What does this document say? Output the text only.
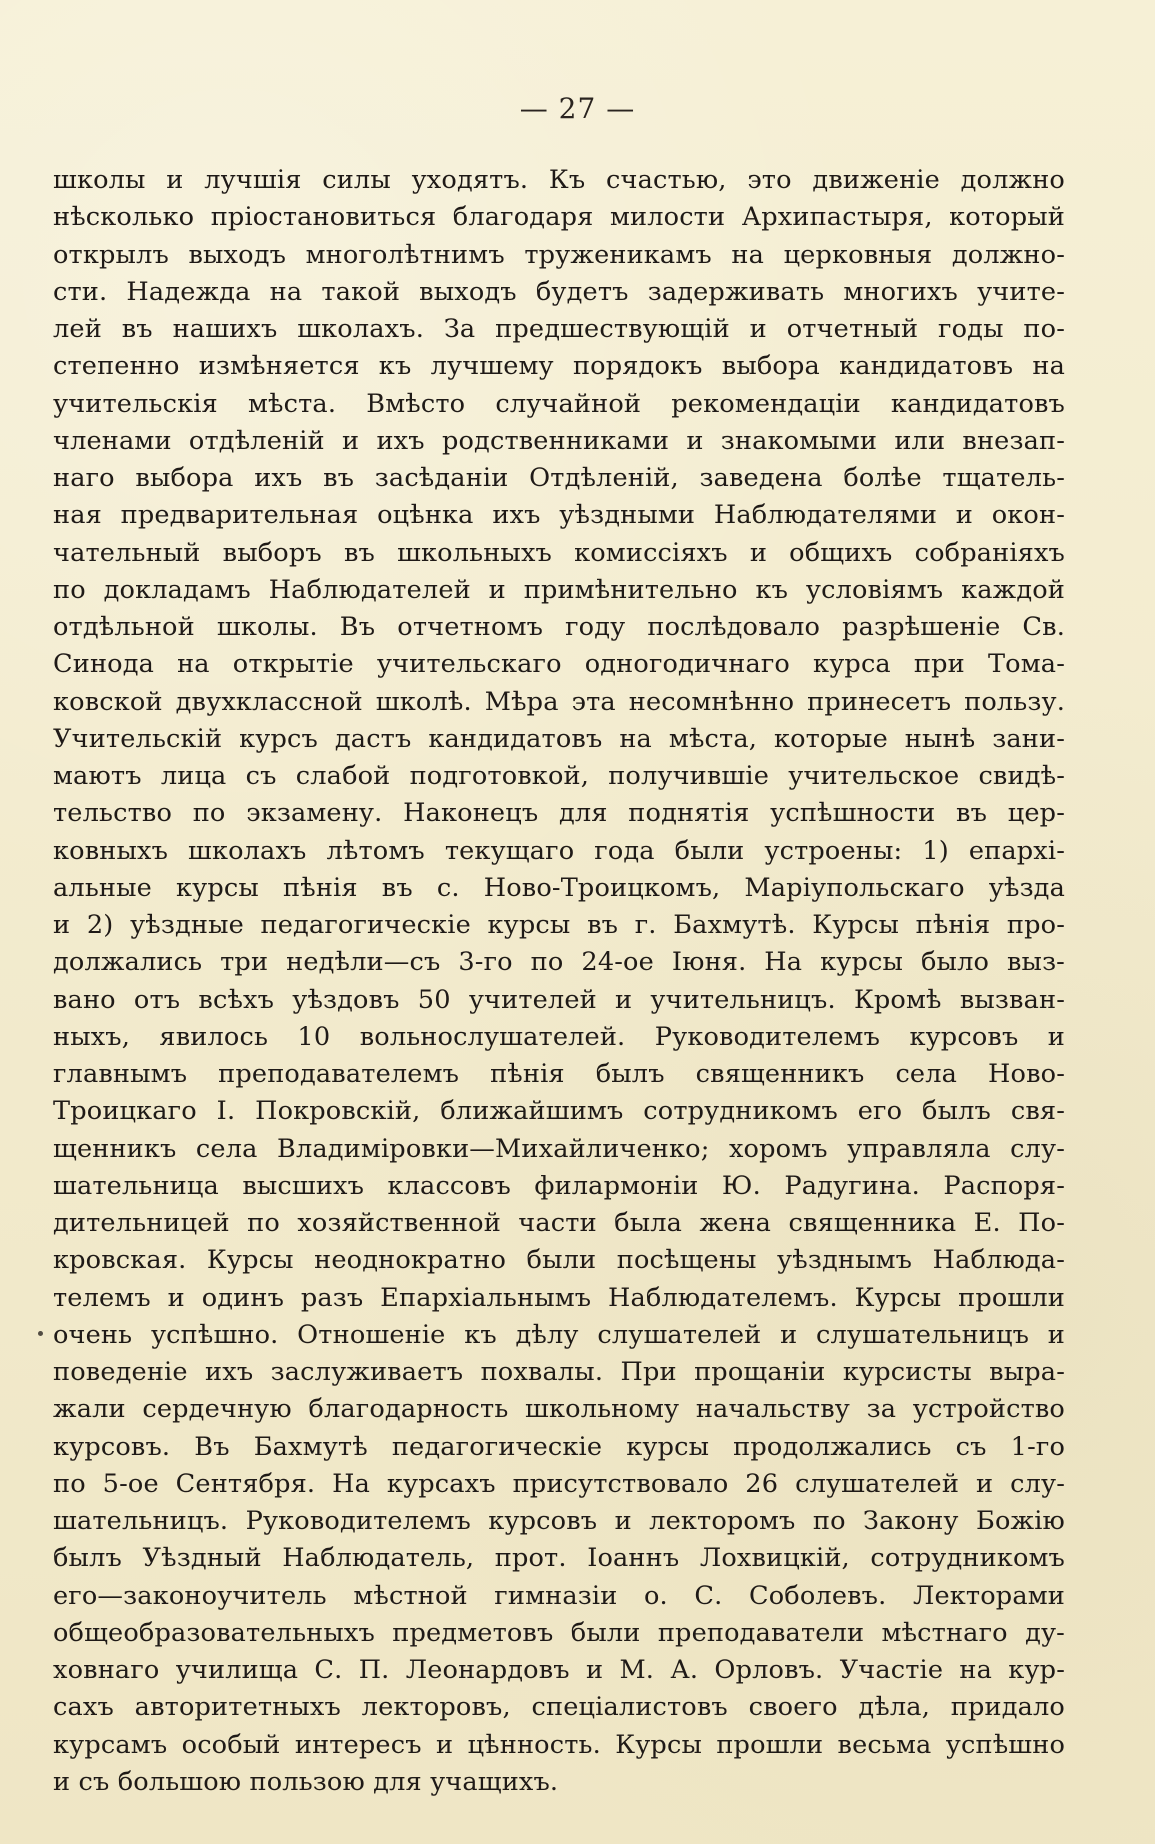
— 27 —
школы и лучшія силы уходятъ. Къ счастью, это движеніе должно
нѣсколько пріостановиться благодаря милости Архипастыря, который
открылъ выходъ многолѣтнимъ труженикамъ на церковныя должно-
сти. Надежда на такой выходъ будетъ задерживать многихъ учите-
лей въ нашихъ школахъ. За предшествующій и отчетный годы по-
степенно измѣняется къ лучшему порядокъ выбора кандидатовъ на
учительскія мѣста. Вмѣсто случайной рекомендаціи кандидатовъ
членами отдѣленій и ихъ родственниками и знакомыми или внезап-
наго выбора ихъ въ засѣданіи Отдѣленій, заведена болѣе тщатель-
ная предварительная оцѣнка ихъ уѣздными Наблюдателями и окон-
чательный выборъ въ школьныхъ комиссіяхъ и общихъ собраніяхъ
по докладамъ Наблюдателей и примѣнительно къ условіямъ каждой
отдѣльной школы. Въ отчетномъ году послѣдовало разрѣшеніе Св.
Синода на открытіе учительскаго одногодичнаго курса при Тома-
ковской двухклассной школѣ. Мѣра эта несомнѣнно принесетъ пользу.
Учительскій курсъ дастъ кандидатовъ на мѣста, которые нынѣ зани-
маютъ лица съ слабой подготовкой, получившіе учительское свидѣ-
тельство по экзамену. Наконецъ для поднятія успѣшности въ цер-
ковныхъ школахъ лѣтомъ текущаго года были устроены: 1) епархі-
альные курсы пѣнія въ с. Ново-Троицкомъ, Маріупольскаго уѣзда
и 2) уѣздные педагогическіе курсы въ г. Бахмутѣ. Курсы пѣнія про-
должались три недѣли—съ 3-го по 24-ое Іюня. На курсы было выз-
вано отъ всѣхъ уѣздовъ 50 учителей и учительницъ. Кромѣ вызван-
ныхъ, явилось 10 вольнослушателей. Руководителемъ курсовъ и
главнымъ преподавателемъ пѣнія былъ священникъ села Ново-
Троицкаго І. Покровскій, ближайшимъ сотрудникомъ его былъ свя-
щенникъ села Владиміровки—Михайличенко; хоромъ управляла слу-
шательница высшихъ классовъ филармоніи Ю. Радугина. Распоря-
дительницей по хозяйственной части была жена священника Е. По-
кровская. Курсы неоднократно были посѣщены уѣзднымъ Наблюда-
телемъ и одинъ разъ Епархіальнымъ Наблюдателемъ. Курсы прошли
очень успѣшно. Отношеніе къ дѣлу слушателей и слушательницъ и
поведеніе ихъ заслуживаетъ похвалы. При прощаніи курсисты выра-
жали сердечную благодарность школьному начальству за устройство
курсовъ. Въ Бахмутѣ педагогическіе курсы продолжались съ 1-го
по 5-ое Сентября. На курсахъ присутствовало 26 слушателей и слу-
шательницъ. Руководителемъ курсовъ и лекторомъ по Закону Божію
былъ Уѣздный Наблюдатель, прот. Іоаннъ Лохвицкій, сотрудникомъ
его—законоучитель мѣстной гимназіи о. С. Соболевъ. Лекторами
общеобразовательныхъ предметовъ были преподаватели мѣстнаго ду-
ховнаго училища С. П. Леонардовъ и М. А. Орловъ. Участіе на кур-
сахъ авторитетныхъ лекторовъ, спеціалистовъ своего дѣла, придало
курсамъ особый интересъ и цѣнность. Курсы прошли весьма успѣшно
и съ большою пользою для учащихъ.
